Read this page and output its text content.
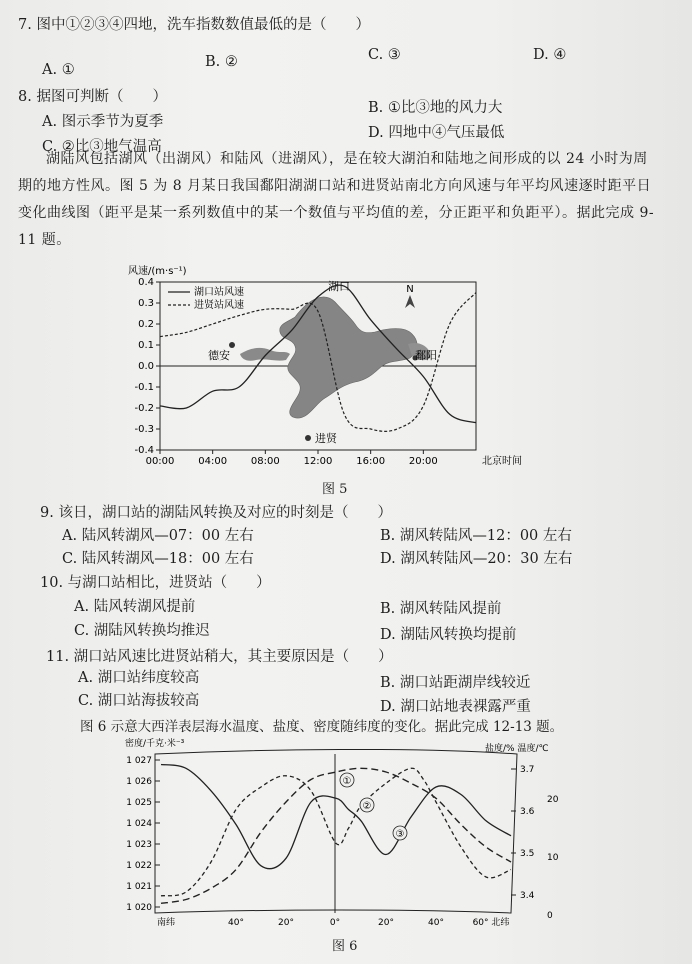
7. 图中①②③④四地，洗车指数数值最低的是（　　）
A. ①	B. ②	C. ③	D. ④
8. 据图可判断（　　）
A. 图示季节为夏季
B. ①比③地的风力大
C. ②比③地气温高
D. 四地中④气压最低
湖陆风包括湖风（出湖风）和陆风（进湖风），是在较大湖泊和陆地之间形成的以 24 小时为周期的地方性风。图 5 为 8 月某日我国鄱阳湖湖口站和进贤站南北方向风速与年平均风速逐时距平日变化曲线图（距平是某一系列数值中的某一个数值与平均值的差，分正距平和负距平）。据此完成 9-11 题。
风速/(m·s⁻¹)
0.4
0.3
0.2
0.1
0.0
-0.1
-0.2
-0.3
-0.4
00:00 04:00 08:00 12:00 16:00 20:00
N
湖口
德安	鄱阳
进贤
湖口站风速
进贤站风速
北京时间
图 5
9. 该日，湖口站的湖陆风转换及对应的时刻是（　　）
A. 陆风转湖风—07：00 左右	B. 湖风转陆风—12：00 左右
C. 陆风转湖风—18：00 左右	D. 湖风转陆风—20：30 左右
10. 与湖口站相比，进贤站（　　）
A. 陆风转湖风提前	B. 湖风转陆风提前
C. 湖陆风转换均推迟	D. 湖陆风转换均提前
11. 湖口站风速比进贤站稍大，其主要原因是（　　）
A. 湖口站纬度较高	B. 湖口站距湖岸线较近
C. 湖口站海拔较高	D. 湖口站地表裸露严重
图 6 示意大西洋表层海水温度、盐度、密度随纬度的变化。据此完成 12-13 题。
密度/千克·米⁻³	盐度/% 温度/℃
1 027
1 026
1 025
1 024
1 023
1 022
1 021
1 020
3.7
3.6
3.5
3.4
20
10
0
南纬	40°	20°	0°	20°	40°	60° 北纬
①
②
③
图 6
